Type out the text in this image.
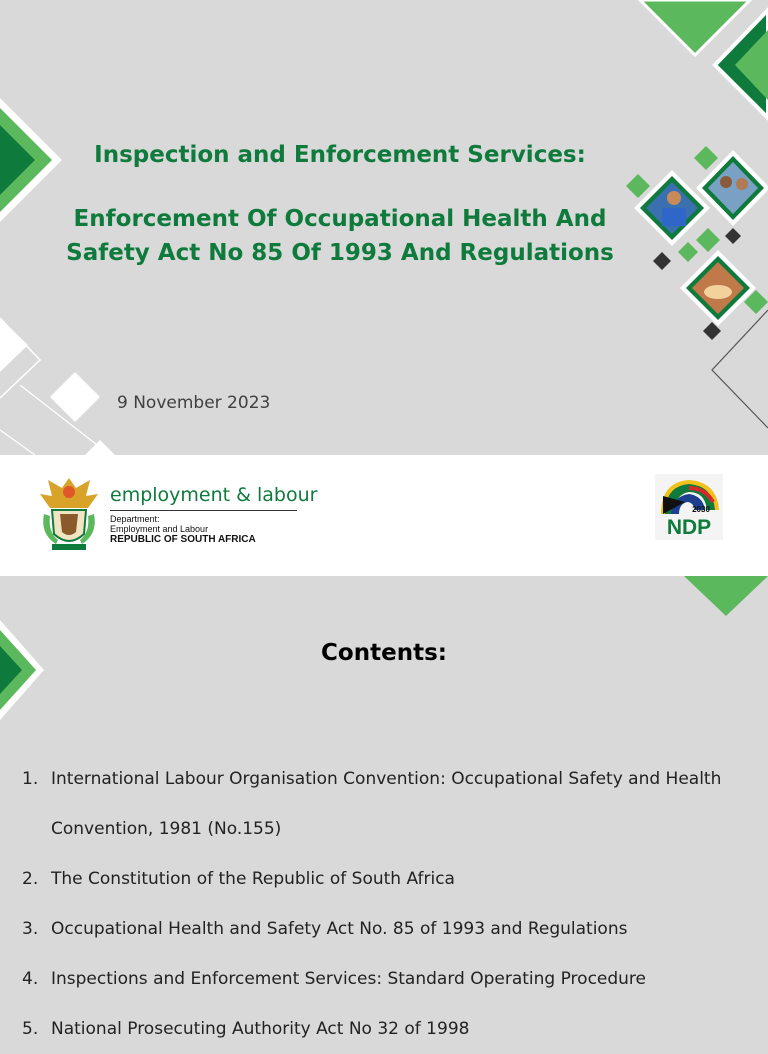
Inspection and Enforcement Services:
Enforcement Of Occupational Health And Safety Act No 85 Of 1993 And Regulations
9 November 2023
employment & labour
Department:
Employment and Labour
REPUBLIC OF SOUTH AFRICA
NDP
2030
Contents:
1. International Labour Organisation Convention: Occupational Safety and Health Convention, 1981 (No.155)
2. The Constitution of the Republic of South Africa
3. Occupational Health and Safety Act No. 85 of 1993 and Regulations
4. Inspections and Enforcement Services: Standard Operating Procedure
5. National Prosecuting Authority Act No 32 of 1998
